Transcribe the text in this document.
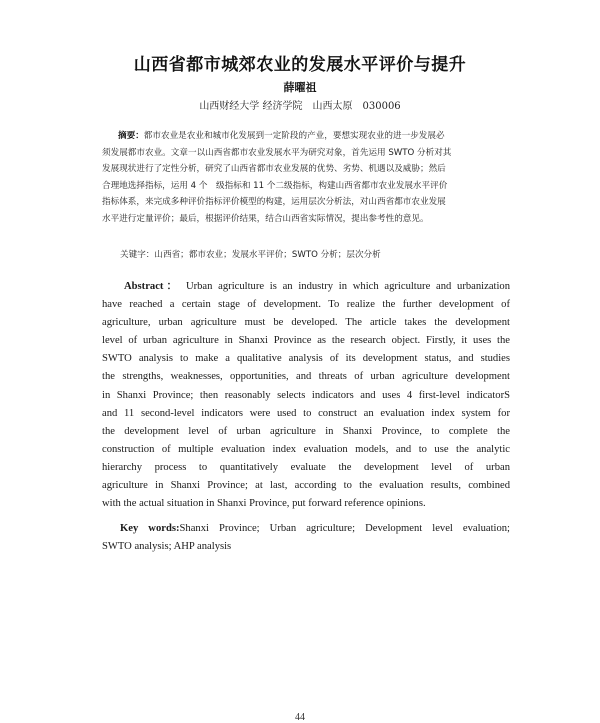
山西省都市城郊农业的发展水平评价与提升
薛曜祖
山西财经大学 经济学院　山西太原　030006
摘要：都市农业是农业和城市化发展到一定阶段的产业，要想实现农业的进一步发展必
须发展都市农业。文章一以山西省都市农业发展水平为研究对象，首先运用 SWTO 分析对其
发展现状进行了定性分析，研究了山西省都市农业发展的优势、劣势、机遇以及威胁；然后
合理地选择指标，运用 4 个　级指标和 11 个二级指标，构建山西省都市农业发展水平评价
指标体系，来完成多种评价指标评价模型的构建，运用层次分析法，对山西省都市农业发展
水平进行定量评价；最后，根据评价结果，结合山西省实际情况，提出参考性的意见。
关键字：山西省；都市农业；发展水平评价；SWTO 分析；层次分析
Abstract： Urban agriculture is an industry in which agriculture and urbanization
have reached a certain stage of development. To realize the further development of
agriculture, urban agriculture must be developed. The article takes the development
level of urban agriculture in Shanxi Province as the research object. Firstly, it uses the
SWTO analysis to make a qualitative analysis of its development status, and studies
the strengths, weaknesses, opportunities, and threats of urban agriculture development
in Shanxi Province; then reasonably selects indicators and uses 4 first-level indicatorS
and 11 second-level indicators were used to construct an evaluation index system for
the development level of urban agriculture in Shanxi Province, to complete the
construction of multiple evaluation index evaluation models, and to use the analytic
hierarchy process to quantitatively evaluate the development level of urban
agriculture in Shanxi Province; at last, according to the evaluation results, combined
with the actual situation in Shanxi Province, put forward reference opinions.
Key words:Shanxi Province; Urban agriculture; Development level evaluation;
SWTO analysis; AHP analysis
44
